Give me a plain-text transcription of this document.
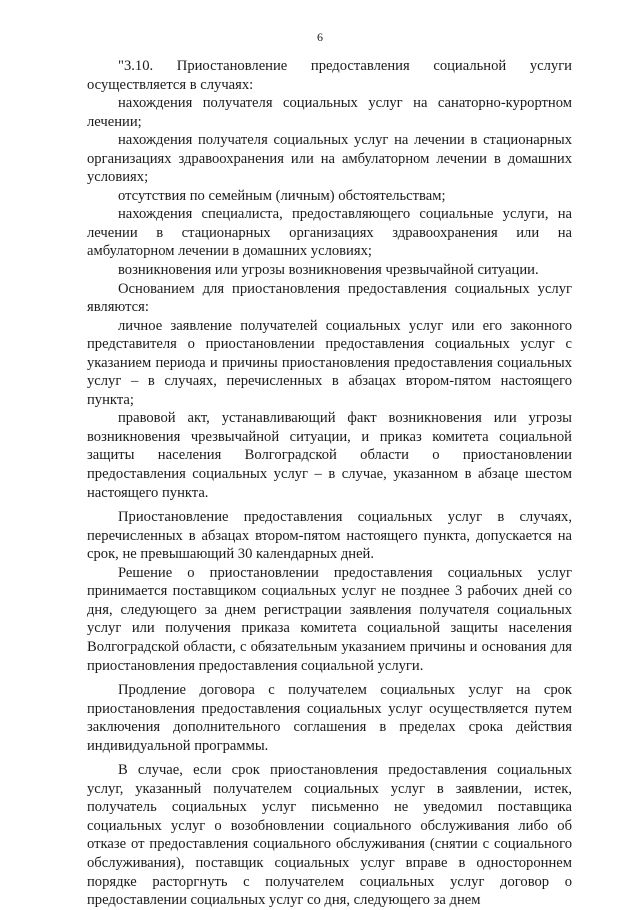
6

"3.10. Приостановление предоставления социальной услуги осуществляется в случаях:

нахождения получателя социальных услуг на санаторно-курортном лечении;

нахождения получателя социальных услуг на лечении в стационарных организациях здравоохранения или на амбулаторном лечении в домашних условиях;

отсутствия по семейным (личным) обстоятельствам;

нахождения специалиста, предоставляющего социальные услуги, на лечении в стационарных организациях здравоохранения или на амбулаторном лечении в домашних условиях;

возникновения или угрозы возникновения чрезвычайной ситуации.

Основанием для приостановления предоставления социальных услуг являются:

личное заявление получателей социальных услуг или его законного представителя о приостановлении предоставления социальных услуг с указанием периода и причины приостановления предоставления социальных услуг – в случаях, перечисленных в абзацах втором-пятом настоящего пункта;

правовой акт, устанавливающий факт возникновения или угрозы возникновения чрезвычайной ситуации, и приказ комитета социальной защиты населения Волгоградской области о приостановлении предоставления социальных услуг – в случае, указанном в абзаце шестом настоящего пункта.

Приостановление предоставления социальных услуг в случаях, перечисленных в абзацах втором-пятом настоящего пункта, допускается на срок, не превышающий 30 календарных дней.

Решение о приостановлении предоставления социальных услуг принимается поставщиком социальных услуг не позднее 3 рабочих дней со дня, следующего за днем регистрации заявления получателя социальных услуг или получения приказа комитета социальной защиты населения Волгоградской области, с обязательным указанием причины и основания для приостановления предоставления социальной услуги.

Продление договора с получателем социальных услуг на срок приостановления предоставления социальных услуг осуществляется путем заключения дополнительного соглашения в пределах срока действия индивидуальной программы.

В случае, если срок приостановления предоставления социальных услуг, указанный получателем социальных услуг в заявлении, истек, получатель социальных услуг письменно не уведомил поставщика социальных услуг о возобновлении социального обслуживания либо об отказе от предоставления социального обслуживания (снятии с социального обслуживания), поставщик социальных услуг вправе в одностороннем порядке расторгнуть с получателем социальных услуг договор о предоставлении социальных услуг со дня, следующего за днем
